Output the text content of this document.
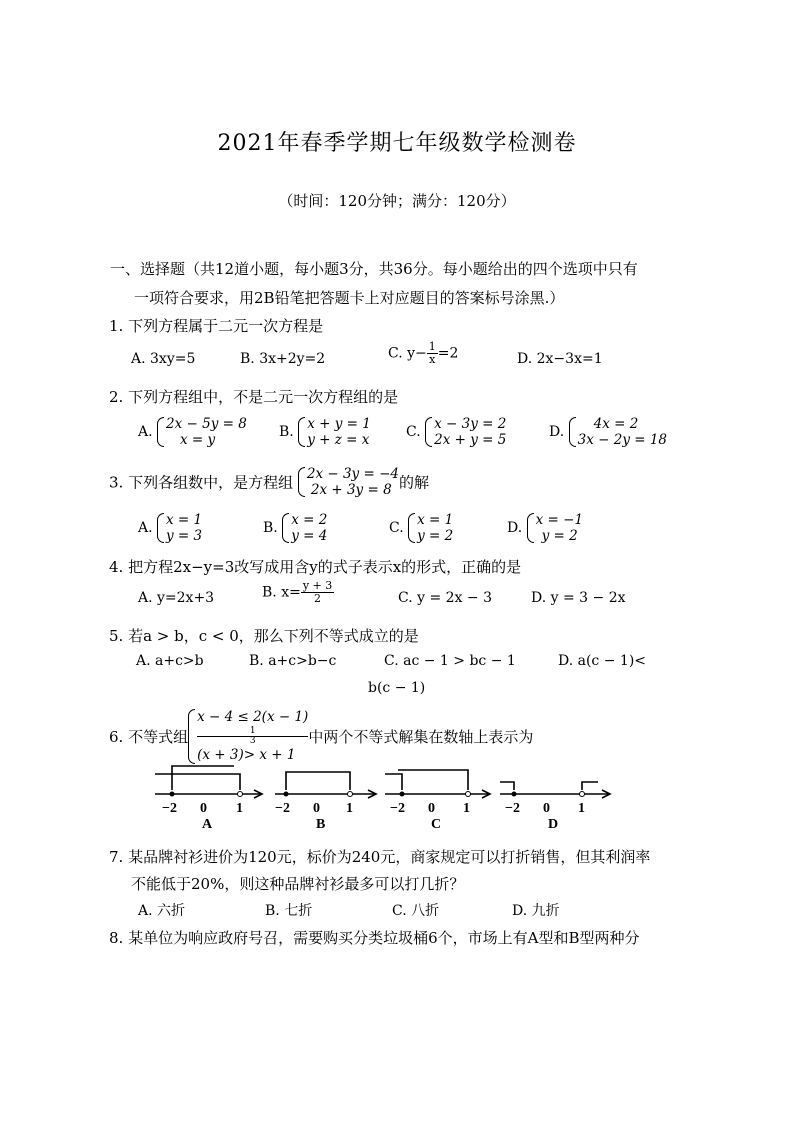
2021年春季学期七年级数学检测卷
（时间：120分钟；满分：120分）
一、选择题（共12道小题，每小题3分，共36分。每小题给出的四个选项中只有
一项符合要求，用2B铅笔把答题卡上对应题目的答案标号涂黑.）
1. 下列方程属于二元一次方程是
A. 3xy=5	B. 3x+2y=2	C. $y- \frac{1}{x} =2$	D. 2x−3x=1
2. 下列方程组中，不是二元一次方程组的是
A. 2x − 5y = 8
x = y	B. x + y = 1
y + z = x	C. x − 3y = 2
2x + y = 5	D.	4x = 2
3x − 2y = 18
3. 下列各组数中，是方程组 2x − 3y = −4
2x + 3y = 8 的解
A. x = 1
y = 3	B. x = 2
y = 4	C. x = 1
y = 2	D. x = −1
y = 2
4. 把方程2x−y=3改写成用含y的式子表示x的形式，正确的是
A. y=2x+3	B. $x= \frac{y + 3}{2}$	C. y = 2x − 3	D. y = 3 − 2x
5. 若a > b，c < 0，那么下列不等式成立的是
A. a+c>b	B. a+c>b−c	C. ac − 1 > bc − 1	D. a(c − 1)<
b(c − 1)
6. 不等式组
x − 4 ≤ 2(x − 1)
1
3
(x + 3)> x + 1
中两个不等式解集在数轴上表示为
−2 0 1 −2 0 1	−2 0 1	−2 0 1
A	B	C	D
7. 某品牌衬衫进价为120元，标价为240元，商家规定可以打折销售，但其利润率
不能低于20%，则这种品牌衬衫最多可以打几折？
A. 六折	B. 七折	C. 八折	D. 九折
8. 某单位为响应政府号召，需要购买分类垃圾桶6个，市场上有A型和B型两种分
